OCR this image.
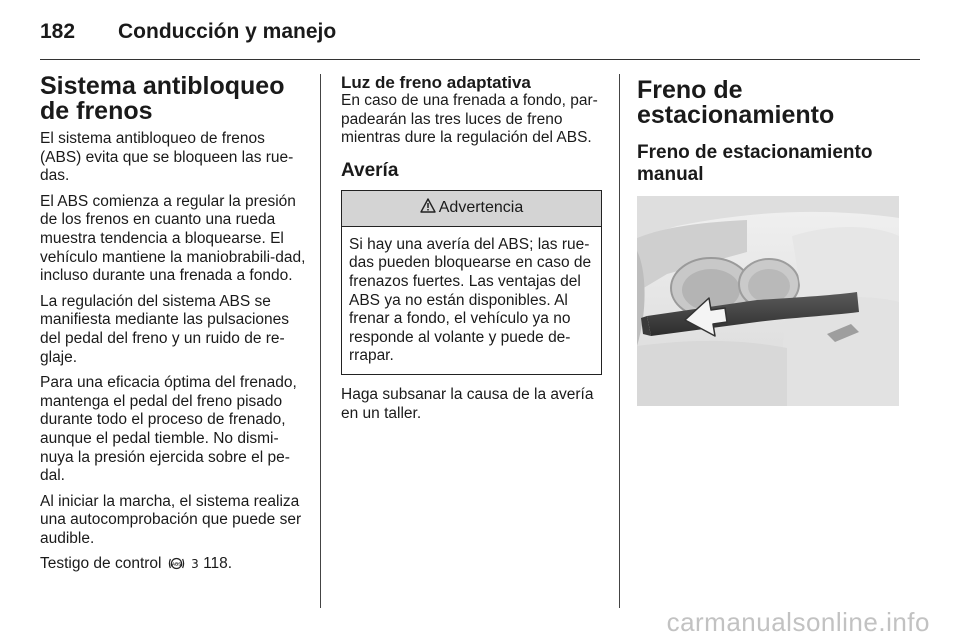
182 Conducción y manejo
Sistema antibloqueo de frenos

El sistema antibloqueo de frenos (ABS) evita que se bloqueen las rue-das.

El ABS comienza a regular la presión de los frenos en cuanto una rueda muestra tendencia a bloquearse. El vehículo mantiene la maniobrabili-dad, incluso durante una frenada a fondo.

La regulación del sistema ABS se manifiesta mediante las pulsaciones del pedal del freno y un ruido de re-glaje.

Para una eficacia óptima del frenado, mantenga el pedal del freno pisado durante todo el proceso de frenado, aunque el pedal tiemble. No dismi-nuya la presión ejercida sobre el pe-dal.

Al iniciar la marcha, el sistema realiza una autocomprobación que puede ser audible.

Testigo de control (ABS) 3 118.

Luz de freno adaptativa

En caso de una frenada a fondo, par-padearán las tres luces de freno mientras dure la regulación del ABS.

Avería
Advertencia

Si hay una avería del ABS; las rue-das pueden bloquearse en caso de frenazos fuertes. Las ventajas del ABS ya no están disponibles. Al frenar a fondo, el vehículo ya no responde al volante y puede de-rrapar.

Haga subsanar la causa de la avería en un taller.

Freno de estacionamiento
Freno de estacionamiento manual
carmanualsonline.info
